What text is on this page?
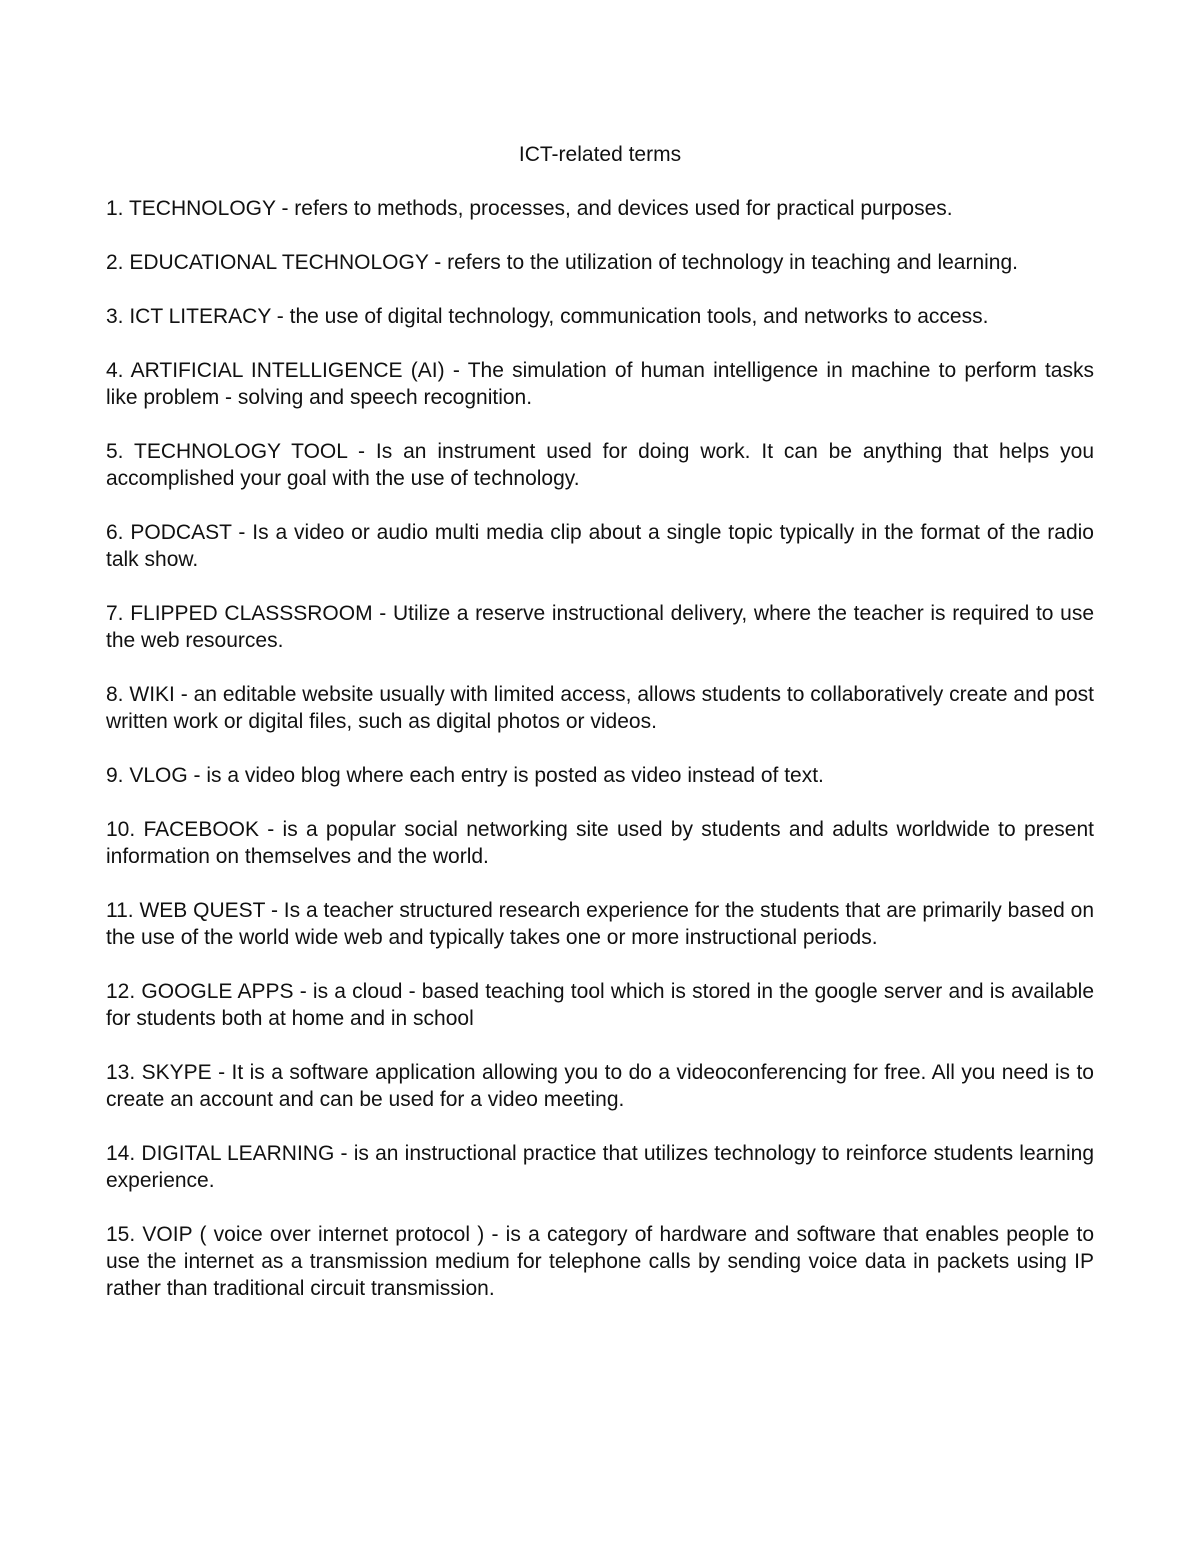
ICT-related terms

1. TECHNOLOGY - refers to methods, processes, and devices used for practical purposes.

2. EDUCATIONAL TECHNOLOGY - refers to the utilization of technology in teaching and learning.

3. ICT LITERACY - the use of digital technology, communication tools, and networks to access.

4. ARTIFICIAL INTELLIGENCE (AI) - The simulation of human intelligence in machine to perform tasks like problem - solving and speech recognition.

5. TECHNOLOGY TOOL - Is an instrument used for doing work. It can be anything that helps you accomplished your goal with the use of technology.

6. PODCAST - Is a video or audio multi media clip about a single topic typically in the format of the radio talk show.

7. FLIPPED CLASSSROOM - Utilize a reserve instructional delivery, where the teacher is required to use the web resources.

8. WIKI - an editable website usually with limited access, allows students to collaboratively create and post written work or digital files, such as digital photos or videos.

9. VLOG - is a video blog where each entry is posted as video instead of text.

10. FACEBOOK - is a popular social networking site used by students and adults worldwide to present information on themselves and the world.

11. WEB QUEST - Is a teacher structured research experience for the students that are primarily based on the use of the world wide web and typically takes one or more instructional periods.

12. GOOGLE APPS - is a cloud - based teaching tool which is stored in the google server and is available for students both at home and in school

13. SKYPE - It is a software application allowing you to do a videoconferencing for free. All you need is to create an account and can be used for a video meeting.

14. DIGITAL LEARNING - is an instructional practice that utilizes technology to reinforce students learning experience.

15. VOIP ( voice over internet protocol ) - is a category of hardware and software that enables people to use the internet as a transmission medium for telephone calls by sending voice data in packets using IP rather than traditional circuit transmission.
